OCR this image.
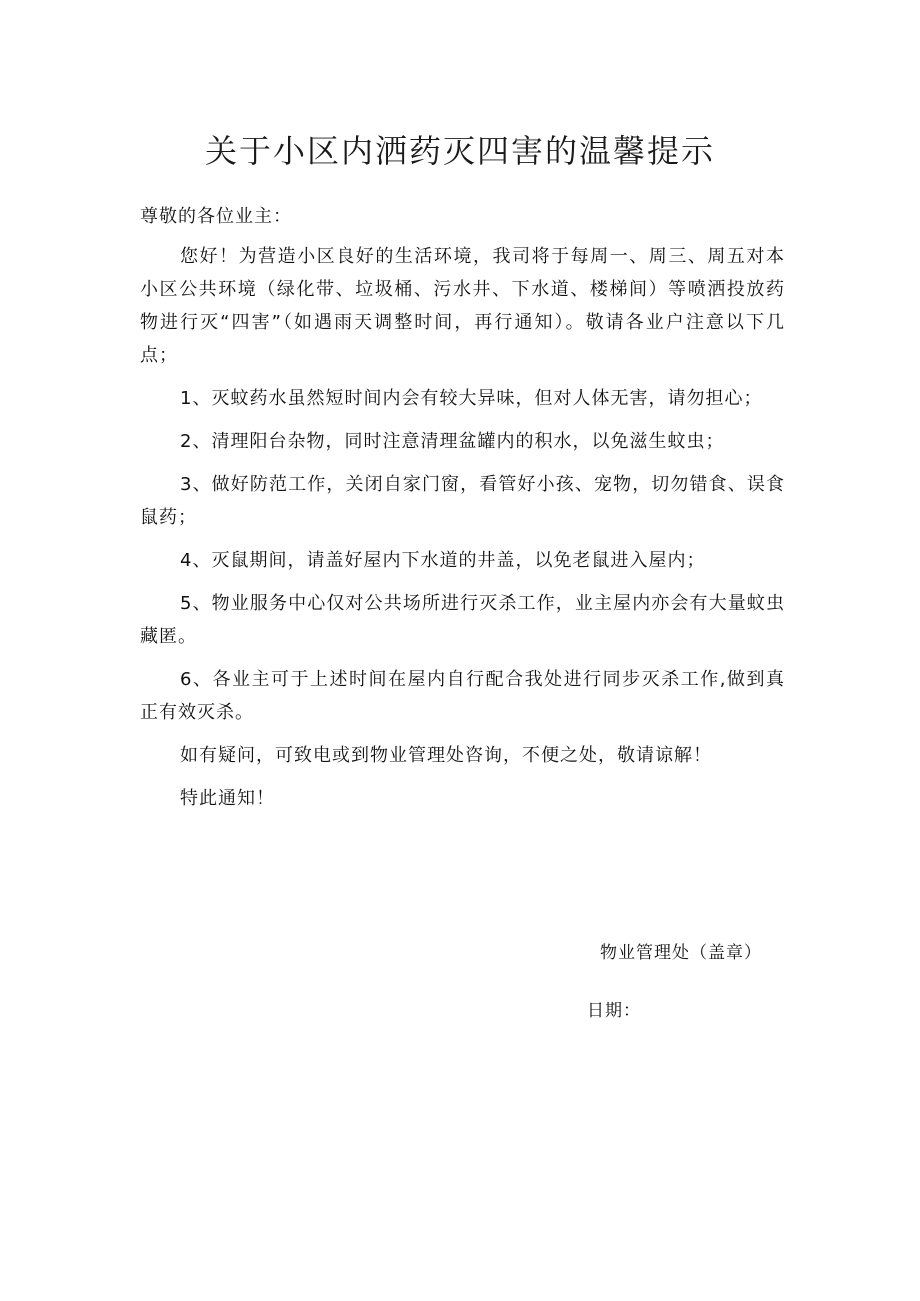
关于小区内洒药灭四害的温馨提示
尊敬的各位业主：

您好！为营造小区良好的生活环境，我司将于每周一、周三、周五对本小区公共环境（绿化带、垃圾桶、污水井、下水道、楼梯间）等喷洒投放药物进行灭“四害”（如遇雨天调整时间，再行通知）。敬请各业户注意以下几点；

1、灭蚊药水虽然短时间内会有较大异味，但对人体无害，请勿担心；

2、清理阳台杂物，同时注意清理盆罐内的积水，以免滋生蚊虫；

3、做好防范工作，关闭自家门窗，看管好小孩、宠物，切勿错食、误食鼠药；

4、灭鼠期间，请盖好屋内下水道的井盖，以免老鼠进入屋内；

5、物业服务中心仅对公共场所进行灭杀工作，业主屋内亦会有大量蚊虫藏匿。

6、各业主可于上述时间在屋内自行配合我处进行同步灭杀工作,做到真正有效灭杀。

如有疑问，可致电或到物业管理处咨询，不便之处，敬请谅解！

特此通知！

物业管理处（盖章）
日期：
